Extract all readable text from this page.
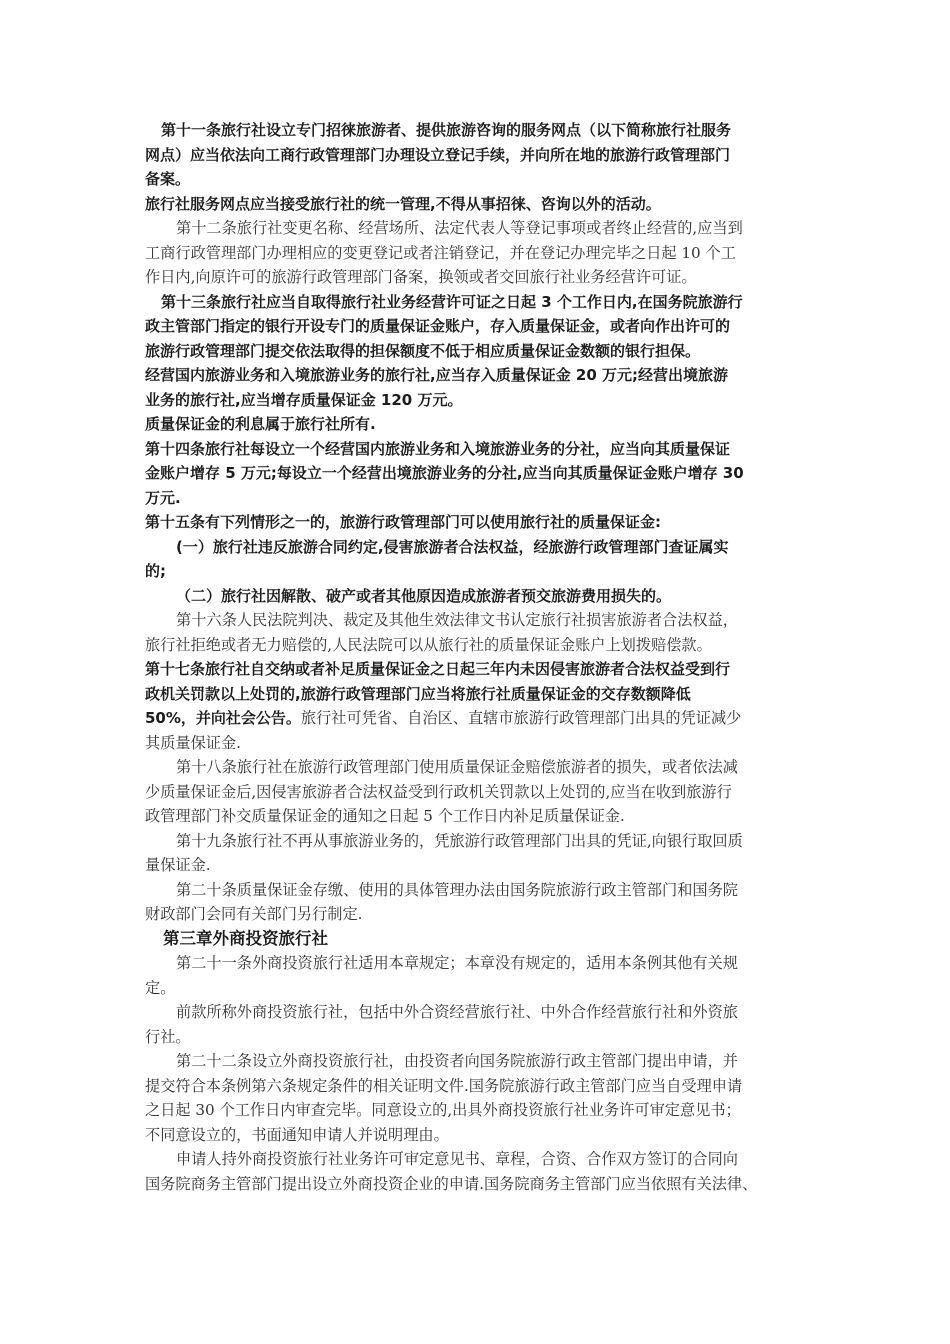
第十一条旅行社设立专门招徕旅游者、提供旅游咨询的服务网点（以下简称旅行社服务

网点）应当依法向工商行政管理部门办理设立登记手续，并向所在地的旅游行政管理部门

备案。

旅行社服务网点应当接受旅行社的统一管理,不得从事招徕、咨询以外的活动。

第十二条旅行社变更名称、经营场所、法定代表人等登记事项或者终止经营的,应当到

工商行政管理部门办理相应的变更登记或者注销登记，并在登记办理完毕之日起 10 个工

作日内,向原许可的旅游行政管理部门备案，换领或者交回旅行社业务经营许可证。

第十三条旅行社应当自取得旅行社业务经营许可证之日起 3 个工作日内,在国务院旅游行

政主管部门指定的银行开设专门的质量保证金账户，存入质量保证金，或者向作出许可的

旅游行政管理部门提交依法取得的担保额度不低于相应质量保证金数额的银行担保。

经营国内旅游业务和入境旅游业务的旅行社,应当存入质量保证金 20 万元;经营出境旅游

业务的旅行社,应当增存质量保证金 120 万元。

质量保证金的利息属于旅行社所有.

第十四条旅行社每设立一个经营国内旅游业务和入境旅游业务的分社，应当向其质量保证

金账户增存 5 万元;每设立一个经营出境旅游业务的分社,应当向其质量保证金账户增存 30

万元.

第十五条有下列情形之一的，旅游行政管理部门可以使用旅行社的质量保证金:

(一）旅行社违反旅游合同约定,侵害旅游者合法权益，经旅游行政管理部门查证属实

的;

（二）旅行社因解散、破产或者其他原因造成旅游者预交旅游费用损失的。

第十六条人民法院判决、裁定及其他生效法律文书认定旅行社损害旅游者合法权益，

旅行社拒绝或者无力赔偿的,人民法院可以从旅行社的质量保证金账户上划拨赔偿款。

第十七条旅行社自交纳或者补足质量保证金之日起三年内未因侵害旅游者合法权益受到行

政机关罚款以上处罚的,旅游行政管理部门应当将旅行社质量保证金的交存数额降低

50%，并向社会公告。旅行社可凭省、自治区、直辖市旅游行政管理部门出具的凭证减少

其质量保证金.

第十八条旅行社在旅游行政管理部门使用质量保证金赔偿旅游者的损失，或者依法减

少质量保证金后,因侵害旅游者合法权益受到行政机关罚款以上处罚的,应当在收到旅游行

政管理部门补交质量保证金的通知之日起 5 个工作日内补足质量保证金.

第十九条旅行社不再从事旅游业务的，凭旅游行政管理部门出具的凭证,向银行取回质

量保证金.

第二十条质量保证金存缴、使用的具体管理办法由国务院旅游行政主管部门和国务院

财政部门会同有关部门另行制定.

第三章外商投资旅行社

第二十一条外商投资旅行社适用本章规定；本章没有规定的，适用本条例其他有关规

定。

前款所称外商投资旅行社，包括中外合资经营旅行社、中外合作经营旅行社和外资旅

行社。

第二十二条设立外商投资旅行社，由投资者向国务院旅游行政主管部门提出申请，并

提交符合本条例第六条规定条件的相关证明文件.国务院旅游行政主管部门应当自受理申请

之日起 30 个工作日内审查完毕。同意设立的,出具外商投资旅行社业务许可审定意见书；

不同意设立的，书面通知申请人并说明理由。

申请人持外商投资旅行社业务许可审定意见书、章程，合资、合作双方签订的合同向

国务院商务主管部门提出设立外商投资企业的申请.国务院商务主管部门应当依照有关法律、
